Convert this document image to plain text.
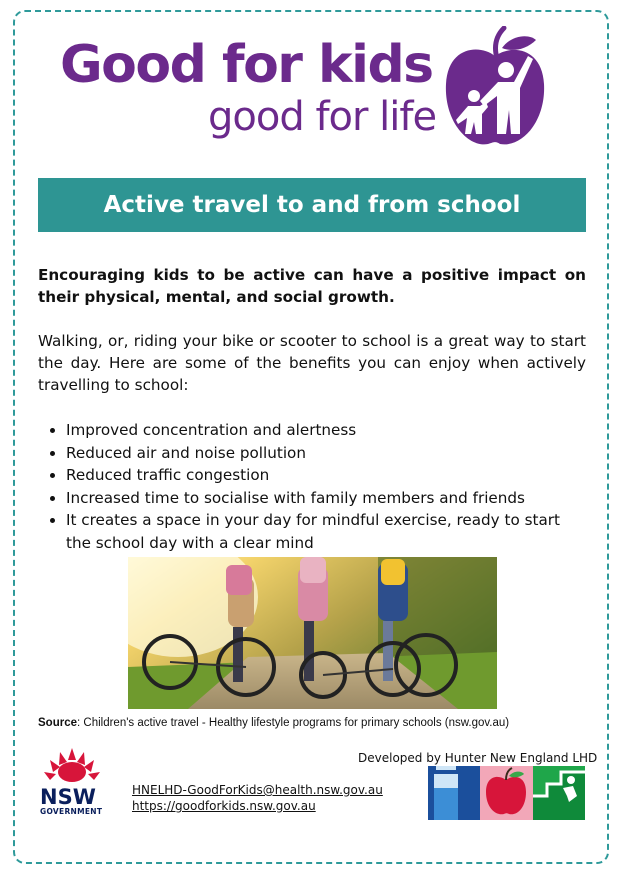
Good for kids
good for life
Active travel to and from school

Encouraging kids to be active can have a positive impact on their physical, mental, and social growth.

Walking, or, riding your bike or scooter to school is a great way to start the day. Here are some of the benefits you can enjoy when actively travelling to school:

Improved concentration and alertness
Reduced air and noise pollution
Reduced traffic congestion
Increased time to socialise with family members and friends
It creates a space in your day for mindful exercise, ready to start the school day with a clear mind
Source: Children's active travel - Healthy lifestyle programs for primary schools (nsw.gov.au)
NSW
GOVERNMENT
HNELHD-GoodForKids@health.nsw.gov.au
https://goodforkids.nsw.gov.au
Developed by Hunter New England LHD
